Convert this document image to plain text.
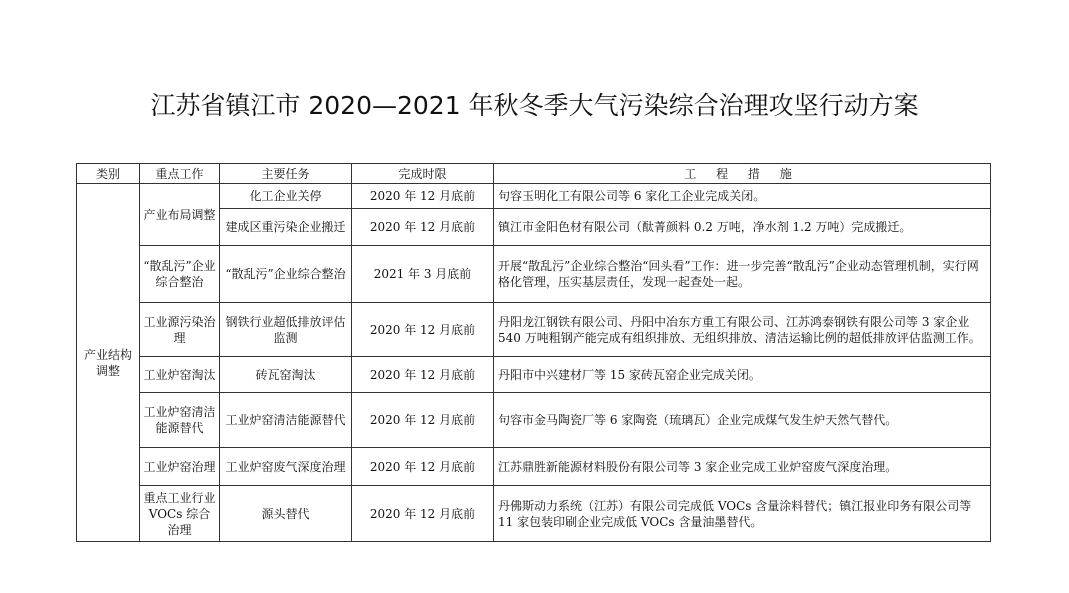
江苏省镇江市 2020—2021 年秋冬季大气污染综合治理攻坚行动方案
类别	重点工作	主要任务	完成时限	工 程 措 施
产业结构调整	产业布局调整	化工企业关停	2020 年 12 月底前	句容玉明化工有限公司等 6 家化工企业完成关闭。
		建成区重污染企业搬迁	2020 年 12 月底前	镇江市金阳色材有限公司（酞菁颜料 0.2 万吨，净水剂 1.2 万吨）完成搬迁。
	“散乱污”企业综合整治	“散乱污”企业综合整治	2021 年 3 月底前	开展“散乱污”企业综合整治“回头看”工作：进一步完善“散乱污”企业动态管理机制，实行网格化管理，压实基层责任，发现一起查处一起。
	工业源污染治理	钢铁行业超低排放评估监测	2020 年 12 月底前	丹阳龙江钢铁有限公司、丹阳中冶东方重工有限公司、江苏鸿泰钢铁有限公司等 3 家企业 540 万吨粗钢产能完成有组织排放、无组织排放、清洁运输比例的超低排放评估监测工作。
	工业炉窑淘汰	砖瓦窑淘汰	2020 年 12 月底前	丹阳市中兴建材厂等 15 家砖瓦窑企业完成关闭。
	工业炉窑清洁能源替代	工业炉窑清洁能源替代	2020 年 12 月底前	句容市金马陶瓷厂等 6 家陶瓷（琉璃瓦）企业完成煤气发生炉天然气替代。
	工业炉窑治理	工业炉窑废气深度治理	2020 年 12 月底前	江苏鼎胜新能源材料股份有限公司等 3 家企业完成工业炉窑废气深度治理。
	重点工业行业 VOCs 综合治理	源头替代	2020 年 12 月底前	丹佛斯动力系统（江苏）有限公司完成低 VOCs 含量涂料替代；镇江报业印务有限公司等 11 家包装印刷企业完成低 VOCs 含量油墨替代。
